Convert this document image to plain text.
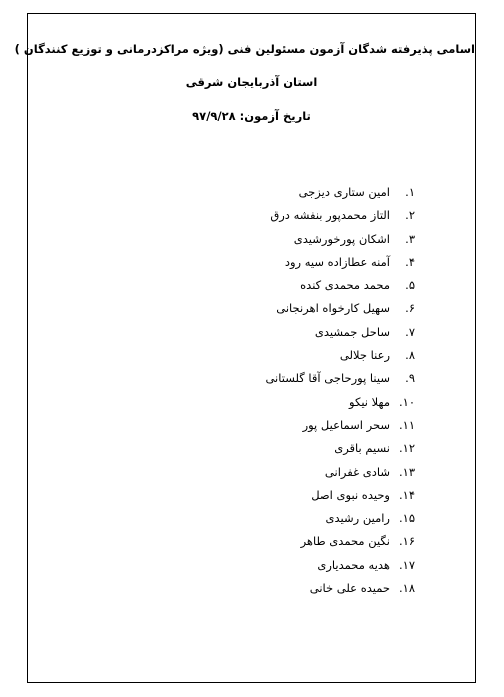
اسامی پذیرفته شدگان آزمون مسئولین فنی (ویژه مراکزدرمانی و توزیع کنندگان )
استان آذربایجان شرقی
تاریخ آزمون: ۹۷/۹/۲۸
۱.امین ستاری دیزجی
۲.التاز محمدپور بنفشه درق
۳.اشکان پورخورشیدی
۴.آمنه عطازاده سیه رود
۵.محمد محمدی کنده
۶.سهیل کارخواه اهرنجانی
۷.ساحل جمشیدی
۸.رعنا جلالی
۹.سینا پورحاجی آقا گلستانی
۱۰.مهلا نیکو
۱۱.سحر اسماعیل پور
۱۲.نسیم باقری
۱۳.شادی غفرانی
۱۴.وحیده نبوی اصل
۱۵.رامین رشیدی
۱۶.نگین محمدی طاهر
۱۷.هدیه محمدیاری
۱۸.حمیده علی خانی
